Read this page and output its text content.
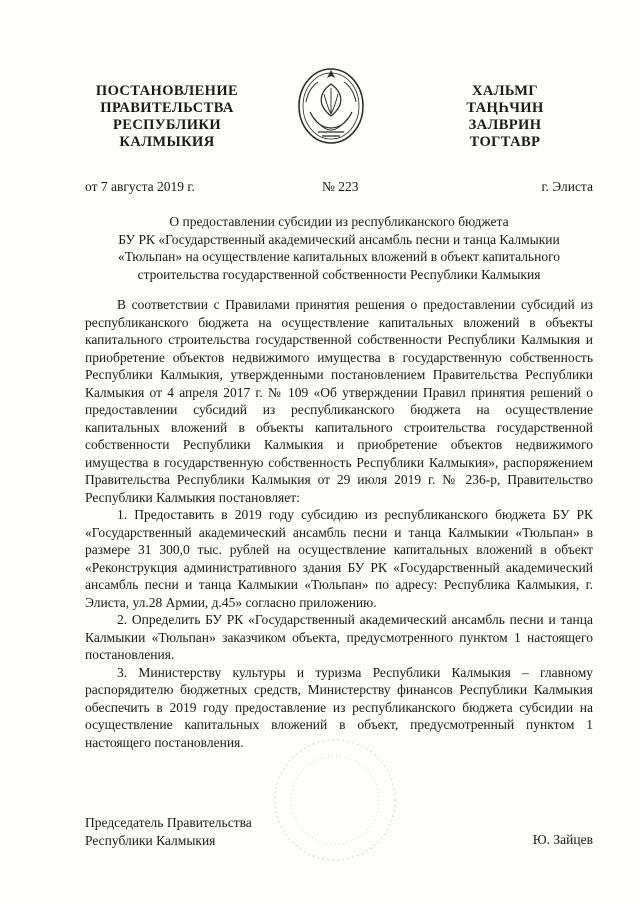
ПОСТАНОВЛЕНИЕ
ПРАВИТЕЛЬСТВА
РЕСПУБЛИКИ
КАЛМЫКИЯ
ХАЛЬМГ
ТАҢҺЧИН
ЗАЛВРИН
ТОГТАВР
от 7 августа 2019 г.	№ 223	г. Элиста
О предоставлении субсидии из республиканского бюджета
БУ РК «Государственный академический ансамбль песни и танца Калмыкии
«Тюльпан» на осуществление капитальных вложений в объект капитального
строительства государственной собственности Республики Калмыкия

В соответствии с Правилами принятия решения о предоставлении субсидий из республиканского бюджета на осуществление капитальных вложений в объекты капитального строительства государственной собственности Республики Калмыкия и приобретение объектов недвижимого имущества в государственную собственность Республики Калмыкия, утвержденными постановлением Правительства Республики Калмыкия от 4 апреля 2017 г. № 109 «Об утверждении Правил принятия решений о предоставлении субсидий из республиканского бюджета на осуществление капитальных вложений в объекты капитального строительства государственной собственности Республики Калмыкия и приобретение объектов недвижимого имущества в государственную собственность Республики Калмыкия», распоряжением Правительства Республики Калмыкия от 29 июля 2019 г. № 236-р, Правительство Республики Калмыкия постановляет:

1. Предоставить в 2019 году субсидию из республиканского бюджета БУ РК «Государственный академический ансамбль песни и танца Калмыкии «Тюльпан» в размере 31 300,0 тыс. рублей на осуществление капитальных вложений в объект «Реконструкция административного здания БУ РК «Государственный академический ансамбль песни и танца Калмыкии «Тюльпан» по адресу: Республика Калмыкия, г. Элиста, ул.28 Армии, д.45» согласно приложению.

2. Определить БУ РК «Государственный академический ансамбль песни и танца Калмыкии «Тюльпан» заказчиком объекта, предусмотренного пунктом 1 настоящего постановления.

3. Министерству культуры и туризма Республики Калмыкия – главному распорядителю бюджетных средств, Министерству финансов Республики Калмыкия обеспечить в 2019 году предоставление из республиканского бюджета субсидии на осуществление капитальных вложений в объект, предусмотренный пунктом 1 настоящего постановления.

Председатель Правительства
Республики Калмыкия	Ю. Зайцев
